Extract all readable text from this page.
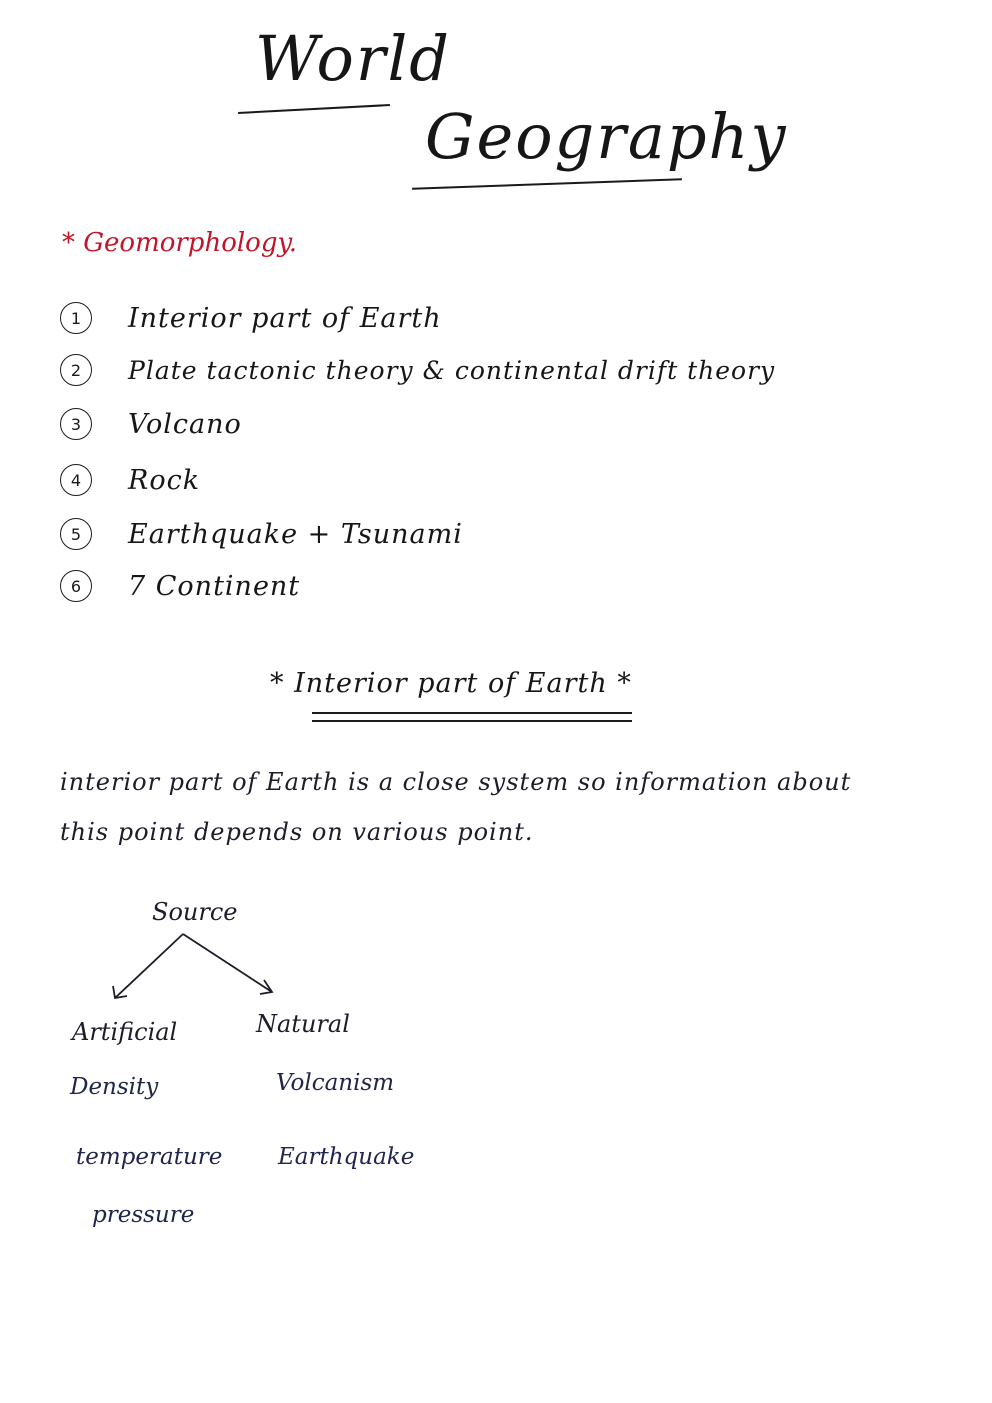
World
Geography
* Geomorphology.
1	Interior part of Earth
2	Plate tactonic theory & continental drift theory
3	Volcano
4	Rock
5	Earthquake + Tsunami
6	7 Continent
* Interior part of Earth *
interior part of Earth is a close system so information about
this point depends on various point.
Source
Artificial	Natural
Density
temperature
pressure
Volcanism
Earthquake
